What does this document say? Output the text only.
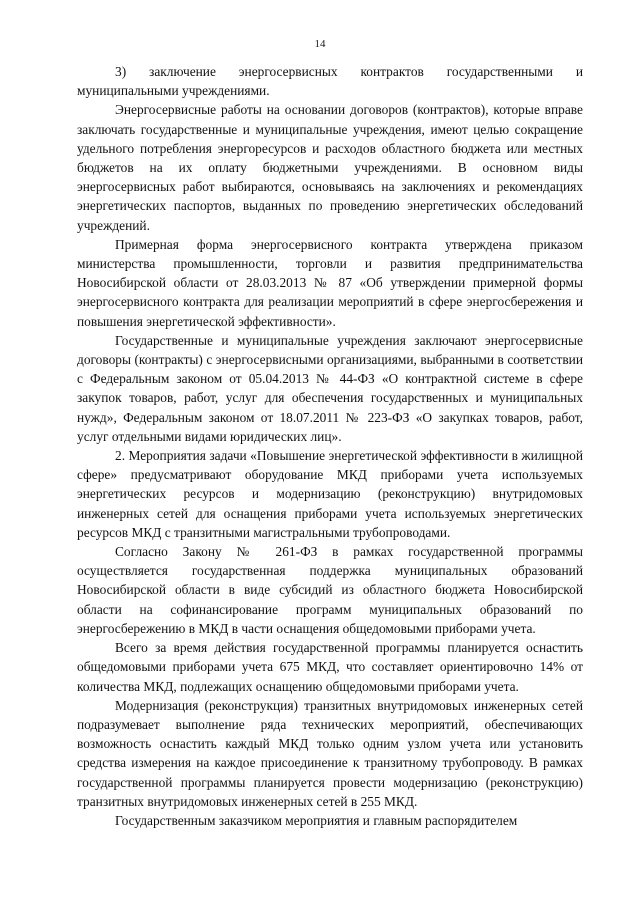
14

3) заключение энергосервисных контрактов государственными и муниципальными учреждениями.

Энергосервисные работы на основании договоров (контрактов), которые вправе заключать государственные и муниципальные учреждения, имеют целью сокращение удельного потребления энергоресурсов и расходов областного бюджета или местных бюджетов на их оплату бюджетными учреждениями. В основном виды энергосервисных работ выбираются, основываясь на заключениях и рекомендациях энергетических паспортов, выданных по проведению энергетических обследований учреждений.

Примерная форма энергосервисного контракта утверждена приказом министерства промышленности, торговли и развития предпринимательства Новосибирской области от 28.03.2013 № 87 «Об утверждении примерной формы энергосервисного контракта для реализации мероприятий в сфере энергосбережения и повышения энергетической эффективности».

Государственные и муниципальные учреждения заключают энергосервисные договоры (контракты) с энергосервисными организациями, выбранными в соответствии с Федеральным законом от 05.04.2013 № 44-ФЗ «О контрактной системе в сфере закупок товаров, работ, услуг для обеспечения государственных и муниципальных нужд», Федеральным законом от 18.07.2011 № 223-ФЗ «О закупках товаров, работ, услуг отдельными видами юридических лиц».

2. Мероприятия задачи «Повышение энергетической эффективности в жилищной сфере» предусматривают оборудование МКД приборами учета используемых энергетических ресурсов и модернизацию (реконструкцию) внутридомовых инженерных сетей для оснащения приборами учета используемых энергетических ресурсов МКД с транзитными магистральными трубопроводами.

Согласно Закону № 261-ФЗ в рамках государственной программы осуществляется государственная поддержка муниципальных образований Новосибирской области в виде субсидий из областного бюджета Новосибирской области на софинансирование программ муниципальных образований по энергосбережению в МКД в части оснащения общедомовыми приборами учета.

Всего за время действия государственной программы планируется оснастить общедомовыми приборами учета 675 МКД, что составляет ориентировочно 14% от количества МКД, подлежащих оснащению общедомовыми приборами учета.

Модернизация (реконструкция) транзитных внутридомовых инженерных сетей подразумевает выполнение ряда технических мероприятий, обеспечивающих возможность оснастить каждый МКД только одним узлом учета или установить средства измерения на каждое присоединение к транзитному трубопроводу. В рамках государственной программы планируется провести модернизацию (реконструкцию) транзитных внутридомовых инженерных сетей в 255 МКД.

Государственным заказчиком мероприятия и главным распорядителем
